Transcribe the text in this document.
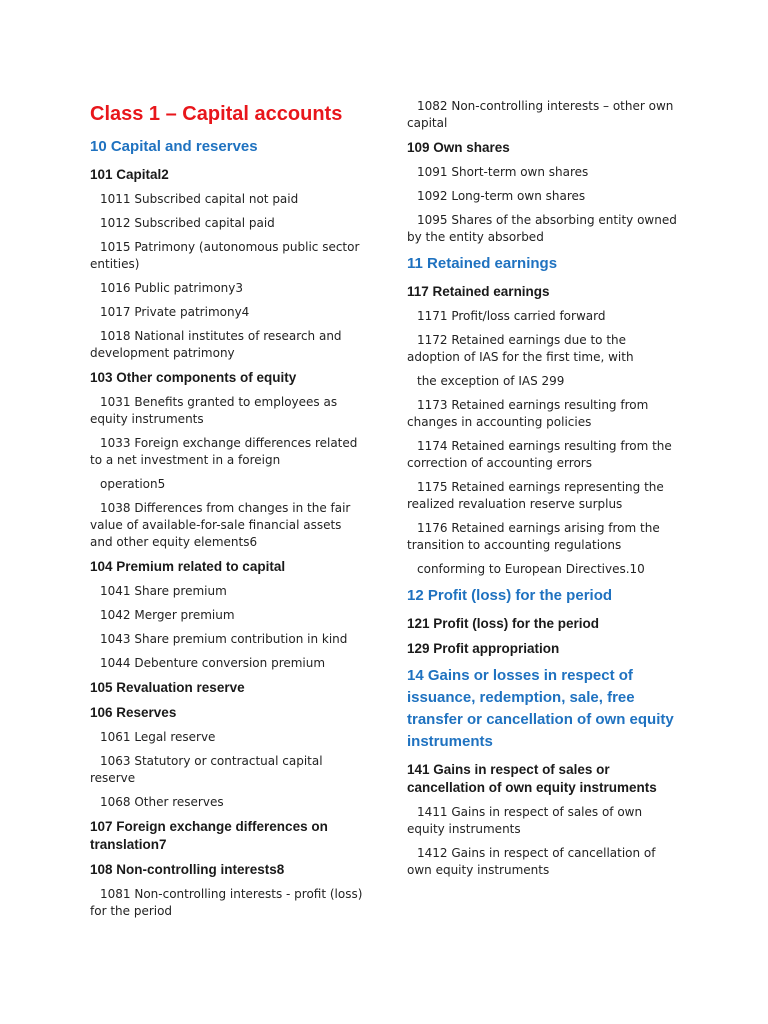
Class 1 – Capital accounts
10 Capital and reserves
101 Capital2
1011 Subscribed capital not paid
1012 Subscribed capital paid
1015 Patrimony (autonomous public sector entities)
1016 Public patrimony3
1017 Private patrimony4
1018 National institutes of research and development patrimony
103 Other components of equity
1031 Benefits granted to employees as equity instruments
1033 Foreign exchange differences related to a net investment in a foreign
operation5
1038 Differences from changes in the fair value of available-for-sale financial assets and other equity elements6
104 Premium related to capital
1041 Share premium
1042 Merger premium
1043 Share premium contribution in kind
1044 Debenture conversion premium
105 Revaluation reserve
106 Reserves
1061 Legal reserve
1063 Statutory or contractual capital reserve
1068 Other reserves
107 Foreign exchange differences on translation7
108 Non-controlling interests8
1081 Non-controlling interests - profit (loss) for the period
1082 Non-controlling interests – other own capital
109 Own shares
1091 Short-term own shares
1092 Long-term own shares
1095 Shares of the absorbing entity owned by the entity absorbed
11 Retained earnings
117 Retained earnings
1171 Profit/loss carried forward
1172 Retained earnings due to the adoption of IAS for the first time, with
the exception of IAS 299
1173 Retained earnings resulting from changes in accounting policies
1174 Retained earnings resulting from the correction of accounting errors
1175 Retained earnings representing the realized revaluation reserve surplus
1176 Retained earnings arising from the transition to accounting regulations
conforming to European Directives.10
12 Profit (loss) for the period
121 Profit (loss) for the period
129 Profit appropriation
14 Gains or losses in respect of issuance, redemption, sale, free transfer or cancellation of own equity instruments
141 Gains in respect of sales or cancellation of own equity instruments
1411 Gains in respect of sales of own equity instruments
1412 Gains in respect of cancellation of own equity instruments
